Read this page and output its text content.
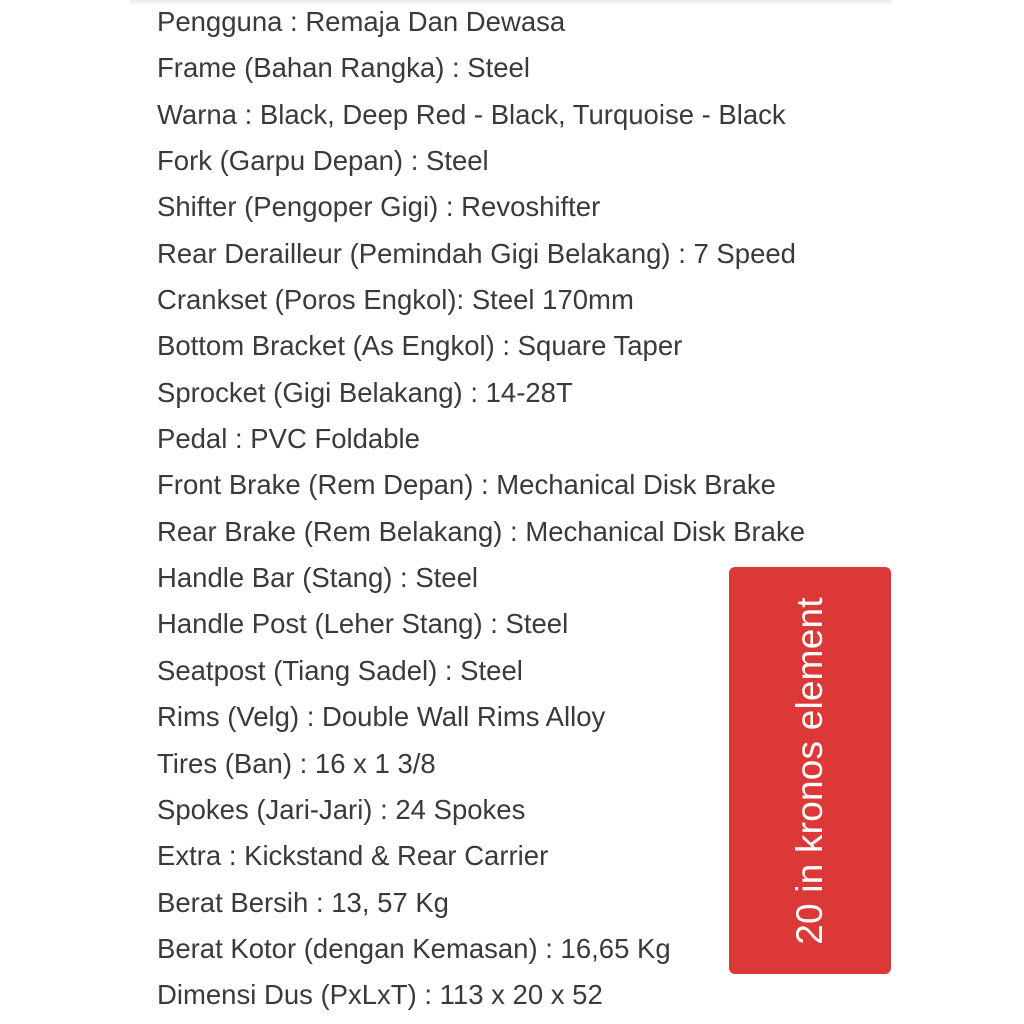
Pengguna : Remaja Dan Dewasa
Frame (Bahan Rangka) : Steel
Warna : Black, Deep Red - Black, Turquoise - Black
Fork (Garpu Depan) : Steel
Shifter (Pengoper Gigi) : Revoshifter
Rear Derailleur (Pemindah Gigi Belakang) : 7 Speed
Crankset (Poros Engkol): Steel 170mm
Bottom Bracket (As Engkol) : Square Taper
Sprocket (Gigi Belakang) : 14-28T
Pedal : PVC Foldable
Front Brake (Rem Depan) : Mechanical Disk Brake
Rear Brake (Rem Belakang) : Mechanical Disk Brake
Handle Bar (Stang) : Steel
Handle Post (Leher Stang) : Steel
Seatpost (Tiang Sadel) : Steel
Rims (Velg) : Double Wall Rims Alloy
Tires (Ban) : 16 x 1 3/8
Spokes (Jari-Jari) : 24 Spokes
Extra : Kickstand & Rear Carrier
Berat Bersih : 13, 57 Kg
Berat Kotor (dengan Kemasan) : 16,65 Kg
Dimensi Dus (PxLxT) : 113 x 20 x 52
20 in kronos element
